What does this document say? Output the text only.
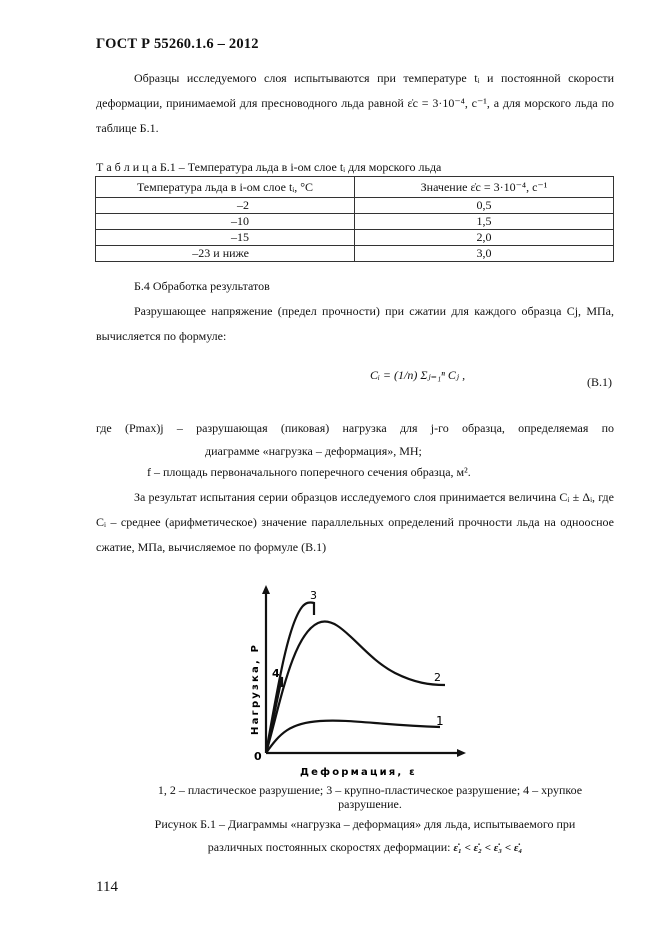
ГОСТ Р 55260.1.6 – 2012
Образцы исследуемого слоя испытываются при температуре tᵢ и постоянной скорости деформации, принимаемой для пресноводного льда равной ε̇c = 3·10⁻⁴, с⁻¹, а для морского льда по таблице Б.1.
Т а б л и ц а Б.1 – Температура льда в i-ом слое tᵢ для морского льда
Температура льда в i-ом слое tᵢ, °С	Значение ε̇c = 3·10⁻⁴, с⁻¹
–2	0,5
–10	1,5
–15	2,0
–23 и ниже	3,0
Б.4 Обработка результатов
Разрушающее напряжение (предел прочности) при сжатии для каждого образца Cj, МПа, вычисляется по формуле:
Cᵢ = (1/n) Σⱼ₌₁ⁿ Cⱼ ,	(В.1)
где (Pmax)j – разрушающая (пиковая) нагрузка для j-го образца, определяемая по
диаграмме «нагрузка – деформация», МН;
f – площадь первоначального поперечного сечения образца, м².
За результат испытания серии образцов исследуемого слоя принимается величина Cᵢ ± Δᵢ, где Cᵢ – среднее (арифметическое) значение параллельных определений прочности льда на одноосное сжатие, МПа, вычисляемое по формуле (В.1)
0
3
4	2
1
Нагрузка, P
Деформация, ε
1, 2 – пластическое разрушение; 3 – крупно-пластическое разрушение; 4 – хрупкое разрушение.
Рисунок Б.1 – Диаграммы «нагрузка – деформация» для льда, испытываемого при
различных постоянных скоростях деформации: ε̇₁ < ε̇₂ < ε̇₃ < ε̇₄
114
